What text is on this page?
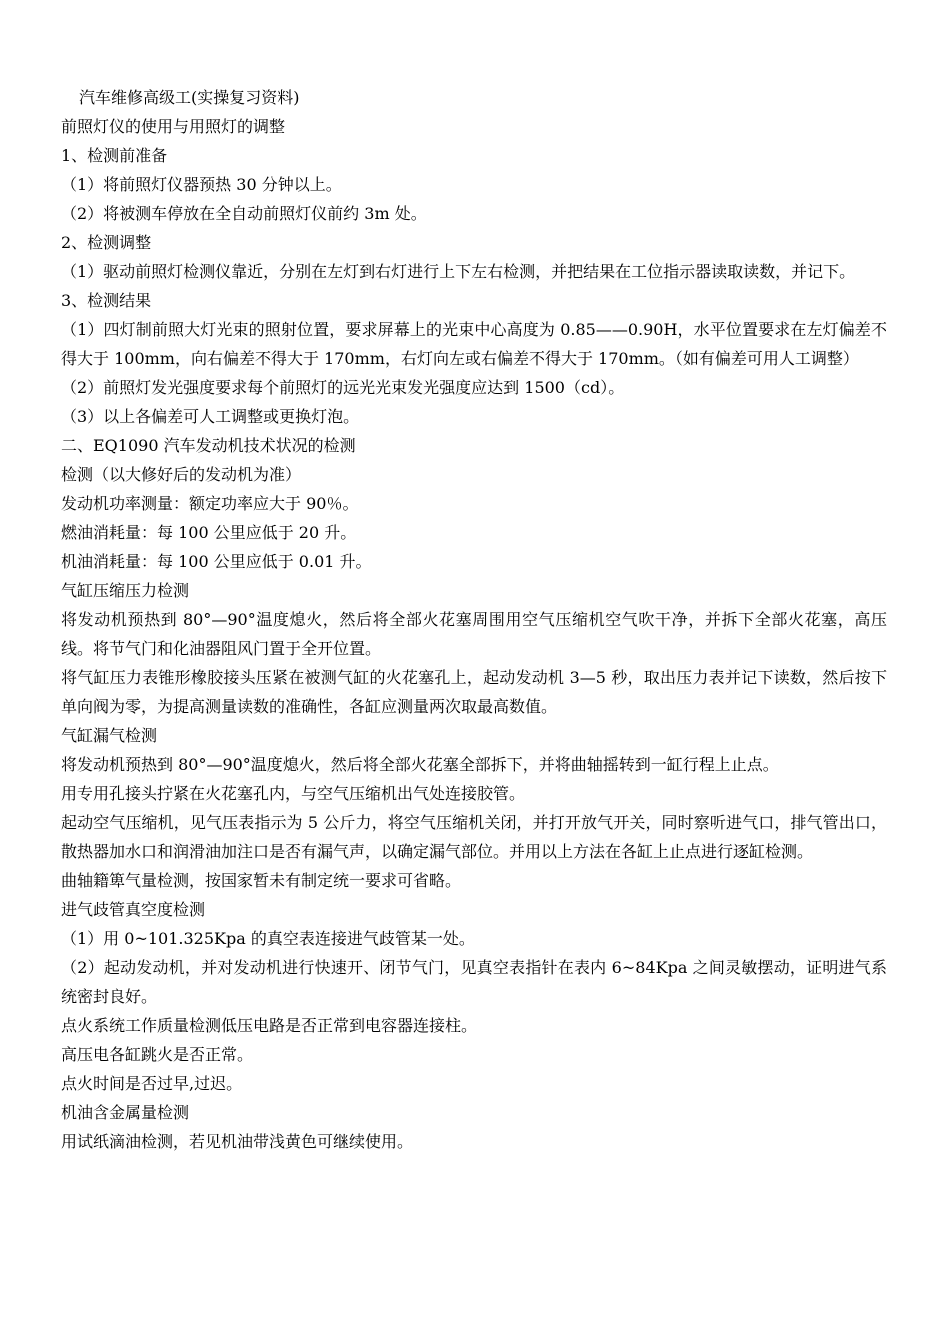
汽车维修高级工(实操复习资料)

前照灯仪的使用与用照灯的调整

1、检测前准备

（1）将前照灯仪器预热 30 分钟以上。

（2）将被测车停放在全自动前照灯仪前约 3m 处。

2、检测调整

（1）驱动前照灯检测仪靠近，分别在左灯到右灯进行上下左右检测，并把结果在工位指示器读取读数，并记下。

3、检测结果

（1）四灯制前照大灯光束的照射位置，要求屏幕上的光束中心高度为 0.85——0.90H，水平位置要求在左灯偏差不得大于 100mm，向右偏差不得大于 170mm，右灯向左或右偏差不得大于 170mm。（如有偏差可用人工调整）

（2）前照灯发光强度要求每个前照灯的远光光束发光强度应达到 1500（cd）。

（3）以上各偏差可人工调整或更换灯泡。

二、EQ1090 汽车发动机技术状况的检测

检测（以大修好后的发动机为准）

发动机功率测量：额定功率应大于 90％。

燃油消耗量：每 100 公里应低于 20 升。

机油消耗量：每 100 公里应低于 0.01 升。

气缸压缩压力检测

将发动机预热到 80°—90°温度熄火，然后将全部火花塞周围用空气压缩机空气吹干净，并拆下全部火花塞，高压线。将节气门和化油器阻风门置于全开位置。

将气缸压力表锥形橡胶接头压紧在被测气缸的火花塞孔上，起动发动机 3—5 秒，取出压力表并记下读数，然后按下单向阀为零，为提高测量读数的准确性，各缸应测量两次取最高数值。

气缸漏气检测

将发动机预热到 80°—90°温度熄火，然后将全部火花塞全部拆下，并将曲轴摇转到一缸行程上止点。

用专用孔接头拧紧在火花塞孔内，与空气压缩机出气处连接胶管。

起动空气压缩机，见气压表指示为 5 公斤力，将空气压缩机关闭，并打开放气开关，同时察听进气口，排气管出口，散热器加水口和润滑油加注口是否有漏气声，以确定漏气部位。并用以上方法在各缸上止点进行逐缸检测。

曲轴籍箄气量检测，按国家暂未有制定统一要求可省略。

进气歧管真空度检测

（1）用 0~101.325Kpa 的真空表连接进气歧管某一处。

（2）起动发动机，并对发动机进行快速开、闭节气门，见真空表指针在表内 6~84Kpa 之间灵敏摆动，证明进气系统密封良好。

点火系统工作质量检测低压电路是否正常到电容器连接柱。

高压电各缸跳火是否正常。

点火时间是否过早,过迟。

机油含金属量检测

用试纸滴油检测，若见机油带浅黄色可继续使用。
